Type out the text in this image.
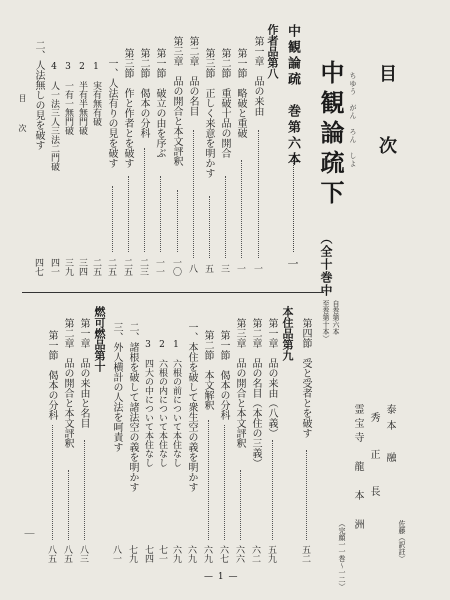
目　次
ちゆう　がん　ろん　しよ
中観論疏下
（全十巻中
自巻第六本
至巻第十本）
中観論疏　巻第六本
一
作者品第八
第一章　品の来由
一
第一節　略破と重破
一
第二節　重破十品の開合
三
第三節　正しく来意を明かす
五
第二章　品の名目
八
第三章　品の開合と本文評釈
一〇
第一節　破立の由を序ぶ
一一
第二節　偈本の分科
二三
第三節　作と作者とを破す
二五
一、人法有りの見を破す
二五
1　実有無有破
二五
2　半有半無門破
三四
3　一有一無門破
三九
4　人一法三人三法二門破
四一
二、人法無しの見を破す
四七
第四節　受と受者とを破す
五二
本住品第九
第一章　品の来由（八義）
五九
第二章　品の名目（本住の三義）
六二
第三章　品の開合と本文評釈
六六
第一節　偈本の分科
六七
第二節　本文解釈
六九
一、本住を破して衆生空の義を明かす
六九
1　六根の前について本住なし
六九
2　六根の内について本住なし
七一
3　四大の中について本住なし
七四
二、諸根を破して諸法空の義を明かす
七九
三、外人横計の人法を呵責す
八一
燃可燃品第十
第一章　品の来由と名目
八三
第二章　品の開合と本文評釈
八五
第一節　偈本の分科
八五
泰本　融
佐藤（訳註）
秀 正 長
霊宝寺 龍 本 洲
（完顔一一巻〜一二）
目次
｜
— 1 —
